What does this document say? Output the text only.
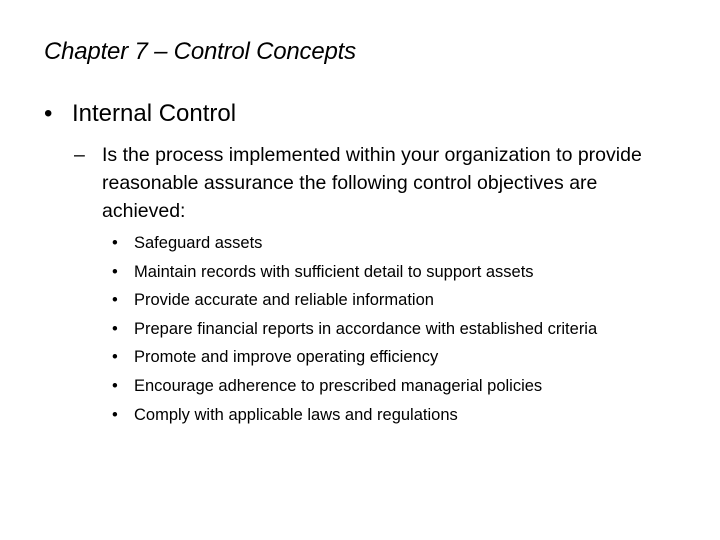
Chapter 7 – Control Concepts
• Internal Control
– Is the process implemented within your organization to provide reasonable assurance the following control objectives are achieved:
• Safeguard assets
• Maintain records with sufficient detail to support assets
• Provide accurate and reliable information
• Prepare financial reports in accordance with established criteria
• Promote and improve operating efficiency
• Encourage adherence to prescribed managerial policies
• Comply with applicable laws and regulations
